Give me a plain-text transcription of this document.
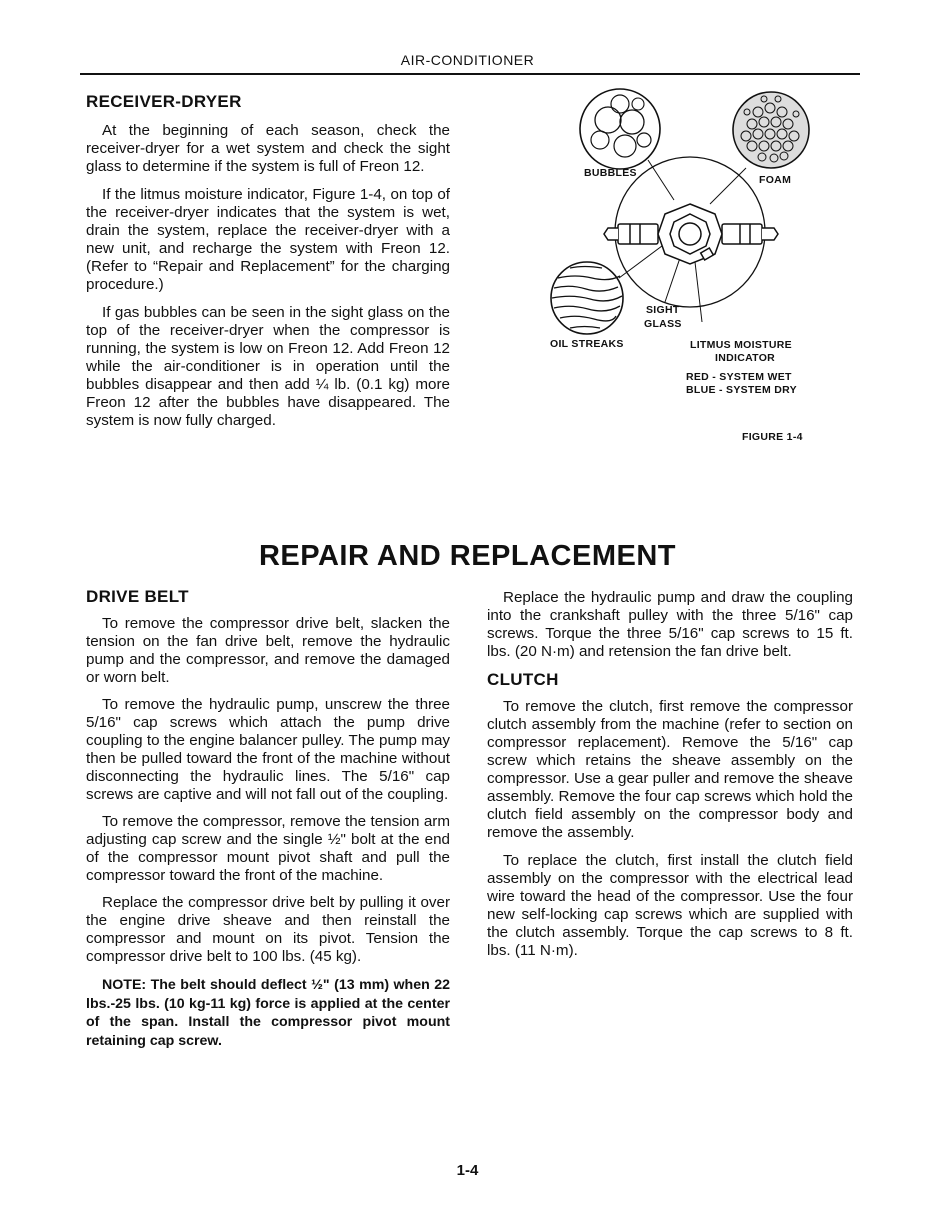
AIR-CONDITIONER
RECEIVER-DRYER

At the beginning of each season, check the receiver-dryer for a wet system and check the sight glass to determine if the system is full of Freon 12.

If the litmus moisture indicator, Figure 1-4, on top of the receiver-dryer indicates that the system is wet, drain the system, replace the receiver-dryer with a new unit, and recharge the system with Freon 12. (Refer to “Repair and Replacement” for the charging procedure.)

If gas bubbles can be seen in the sight glass on the top of the receiver-dryer when the compressor is running, the system is low on Freon 12. Add Freon 12 while the air-conditioner is in operation until the bubbles disappear and then add ¼ lb. (0.1 kg) more Freon 12 after the bubbles have disappeared. The system is now fully charged.

BUBBLES
FOAM
SIGHT
GLASS
OIL STREAKS	LITMUS MOISTURE
INDICATOR
RED - SYSTEM WET
BLUE - SYSTEM DRY
FIGURE 1-4
REPAIR AND REPLACEMENT
DRIVE BELT

To remove the compressor drive belt, slacken the tension on the fan drive belt, remove the hydraulic pump and the compressor, and remove the damaged or worn belt.

To remove the hydraulic pump, unscrew the three 5/16" cap screws which attach the pump drive coupling to the engine balancer pulley. The pump may then be pulled toward the front of the machine without disconnecting the hydraulic lines. The 5/16" cap screws are captive and will not fall out of the coupling.

To remove the compressor, remove the tension arm adjusting cap screw and the single ½" bolt at the end of the compressor mount pivot shaft and pull the compressor toward the front of the machine.

Replace the compressor drive belt by pulling it over the engine drive sheave and then reinstall the compressor and mount on its pivot. Tension the compressor drive belt to 100 lbs. (45 kg).

NOTE: The belt should deflect ½" (13 mm) when 22 lbs.-25 lbs. (10 kg-11 kg) force is applied at the center of the span. Install the compressor pivot mount retaining cap screw.

Replace the hydraulic pump and draw the coupling into the crankshaft pulley with the three 5/16" cap screws. Torque the three 5/16" cap screws to 15 ft. lbs. (20 N·m) and retension the fan drive belt.

CLUTCH

To remove the clutch, first remove the compressor clutch assembly from the machine (refer to section on compressor replacement). Remove the 5/16" cap screw which retains the sheave assembly on the compressor. Use a gear puller and remove the sheave assembly. Remove the four cap screws which hold the clutch field assembly on the compressor body and remove the assembly.

To replace the clutch, first install the clutch field assembly on the compressor with the electrical lead wire toward the head of the compressor. Use the four new self-locking cap screws which are supplied with the clutch assembly. Torque the cap screws to 8 ft. lbs. (11 N·m).

1-4
